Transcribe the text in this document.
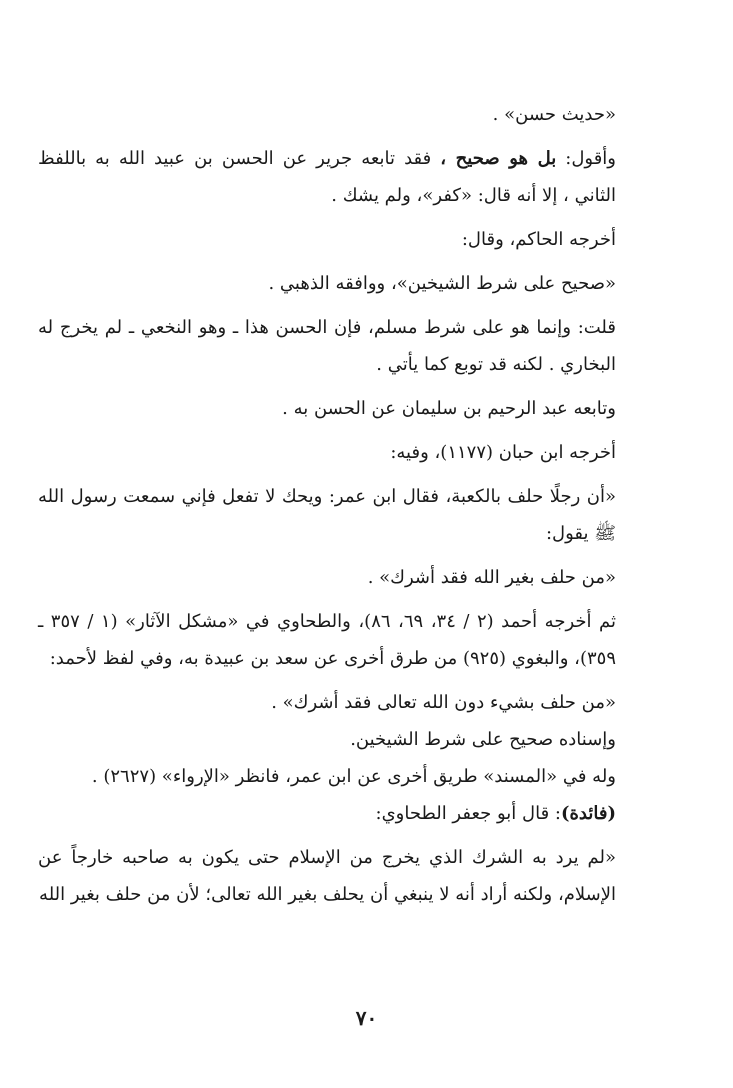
«حديث حسن» .

وأقول: بل هو صحيح ، فقد تابعه جرير عن الحسن بن عبيد الله به باللفظ الثاني ، إلا أنه قال: «كفر»، ولم يشك .

أخرجه الحاكم، وقال:

«صحيح على شرط الشيخين»، ووافقه الذهبي .

قلت: وإنما هو على شرط مسلم، فإن الحسن هذا ـ وهو النخعي ـ لم يخرج له البخاري . لكنه قد توبع كما يأتي .

وتابعه عبد الرحيم بن سليمان عن الحسن به .

أخرجه ابن حبان (١١٧٧)، وفيه:

«أن رجلًا حلف بالكعبة، فقال ابن عمر: ويحك لا تفعل فإني سمعت رسول الله ﷺ يقول:

«من حلف بغير الله فقد أشرك» .

ثم أخرجه أحمد (٢ / ٣٤، ٦٩، ٨٦)، والطحاوي في «مشكل الآثار» (١ / ٣٥٧ ـ ٣٥٩)، والبغوي (٩٢٥) من طرق أخرى عن سعد بن عبيدة به، وفي لفظ لأحمد:

«من حلف بشيء دون الله تعالى فقد أشرك» .

وإسناده صحيح على شرط الشيخين.

وله في «المسند» طريق أخرى عن ابن عمر، فانظر «الإرواء» (٢٦٢٧) .

(فائدة): قال أبو جعفر الطحاوي:

«لم يرد به الشرك الذي يخرج من الإسلام حتى يكون به صاحبه خارجاً عن الإسلام، ولكنه أراد أنه لا ينبغي أن يحلف بغير الله تعالى؛ لأن من حلف بغير الله

٧٠
